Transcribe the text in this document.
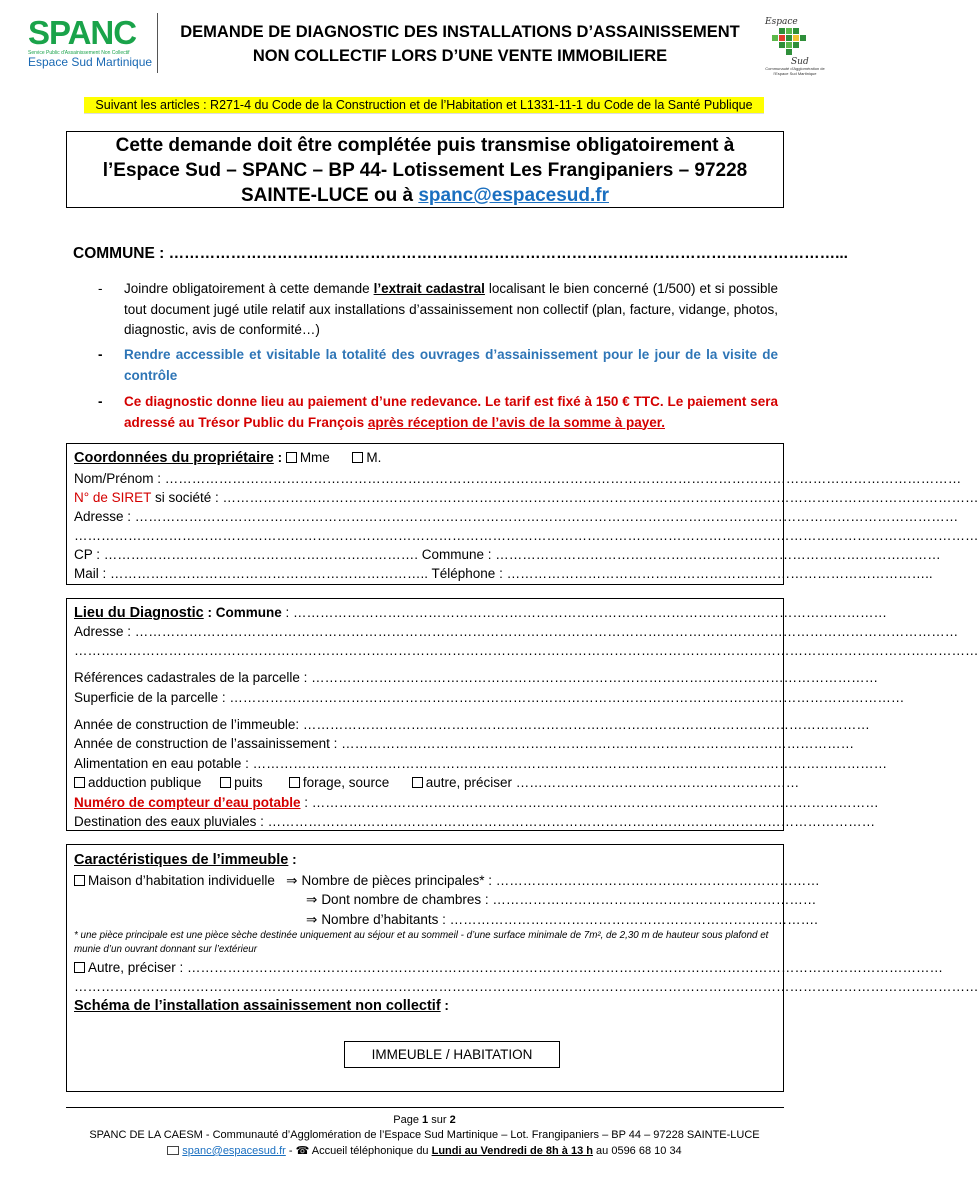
SPANC
Service Public d'Assainissement Non Collectif
Espace Sud Martinique
DEMANDE DE DIAGNOSTIC DES INSTALLATIONS D’ASSAINISSEMENT
NON COLLECTIF LORS D’UNE VENTE IMMOBILIERE
Espace
Sud
Communauté d'Agglomération de l'Espace Sud Martinique
Suivant les articles : R271-4 du Code de la Construction et de l’Habitation et L1331-11-1 du Code de la Santé Publique
Cette demande doit être complétée puis transmise obligatoirement à
l’Espace Sud – SPANC – BP 44- Lotissement Les Frangipaniers – 97228
SAINTE-LUCE ou à spanc@espacesud.fr
COMMUNE : …………………………………………………………………………………………………………………...
- Joindre obligatoirement à cette demande l’extrait cadastral localisant le bien concerné (1/500) et si possible tout document jugé utile relatif aux installations d’assainissement non collectif (plan, facture, vidange, photos, diagnostic, avis de conformité…)
- Rendre accessible et visitable la totalité des ouvrages d’assainissement pour le jour de la visite de contrôle
- Ce diagnostic donne lieu au paiement d’une redevance. Le tarif est fixé à 150 € TTC. Le paiement sera adressé au Trésor Public du François après réception de l’avis de la somme à payer.
Coordonnées du propriétaire : Mme	M.
Nom/Prénom : ……………………………………………………………………………………………………………………………………………………………
N° de SIRET si société : ……………………………………………………………………………………………………………………………………………………
Adresse : …………………………………………………………………………………………………………………………………………………………………
…………………………………………………………………………………………………………………………………………………………………………………
CP : ……………………………………………………………. Commune : ………………………………………………………………………………………
Mail : …………………………………………………………….. Téléphone : …………………………………………………………………………………..
Lieu du Diagnostic : Commune : ……………………………………………………………………………………………………………………
Adresse : …………………………………………………………………………………………………………………………………………………………………
…………………………………………………………………………………………………………………………………………………………………………………
Références cadastrales de la parcelle : ………………………………………………………………………………………………………………
Superficie de la parcelle : ……………………………………………………………………………………………………………………………………
Année de construction de l’immeuble: ………………………………………………………………………………………………………………
Année de construction de l’assainissement : ……………………………………………………………………………………………………
Alimentation en eau potable : ……………………………………………………………………………………………………………………………
adduction publique puits	forage, source	autre, préciser ………………………………………………………
Numéro de compteur d’eau potable : ………………………………………………………………………………………………………………
Destination des eaux pluviales : ………………………………………………………………………………………………………………………
Caractéristiques de l’immeuble :
Maison d’habitation individuelle ⇒ Nombre de pièces principales* : ………………………………………………………………
⇒ Dont nombre de chambres : ………………………………………………………………
⇒ Nombre d’habitants : ……………………………………………………………………….
* une pièce principale est une pièce sèche destinée uniquement au séjour et au sommeil - d’une surface minimale de 7m², de 2,30 m de hauteur sous plafond et munie d’un ouvrant donnant sur l’extérieur
Autre, préciser : ……………………………………………………………………………………………………………………………………………………
…………………………………………………………………………………………………………………………………………………………………………………
Schéma de l’installation assainissement non collectif :
IMMEUBLE / HABITATION
Page 1 sur 2
SPANC DE LA CAESM - Communauté d’Agglomération de l’Espace Sud Martinique – Lot. Frangipaniers – BP 44 – 97228 SAINTE-LUCE
spanc@espacesud.fr - ☎ Accueil téléphonique du Lundi au Vendredi de 8h à 13 h au 0596 68 10 34
